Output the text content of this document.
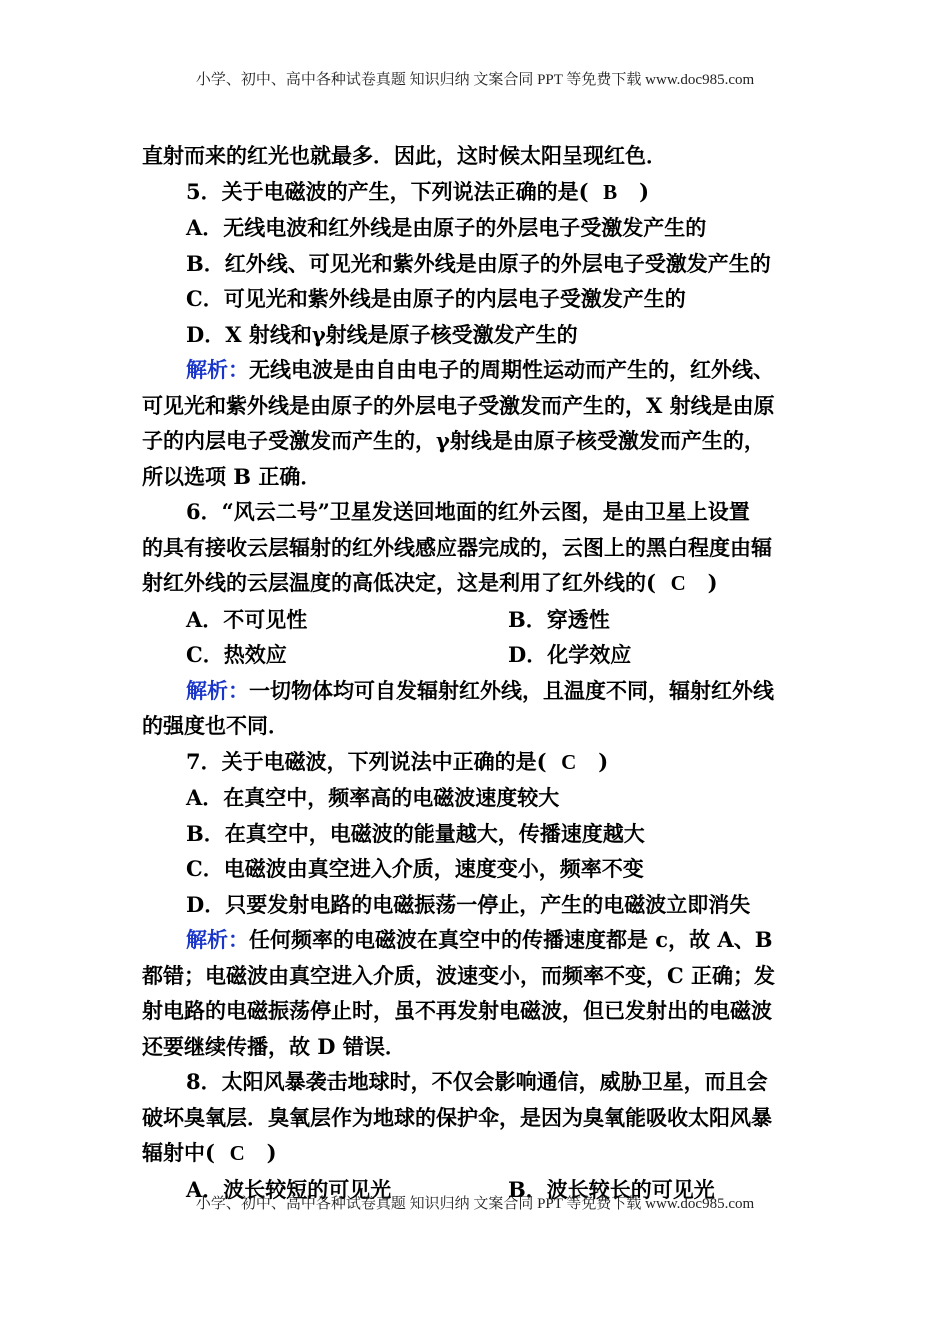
小学、初中、高中各种试卷真题 知识归纳 文案合同 PPT 等免费下载 www.doc985.com
直射而来的红光也就最多．因此，这时候太阳呈现红色．
5．关于电磁波的产生，下列说法正确的是( B )
A．无线电波和红外线是由原子的外层电子受激发产生的
B．红外线、可见光和紫外线是由原子的外层电子受激发产生的
C．可见光和紫外线是由原子的内层电子受激发产生的
D．X 射线和γ射线是原子核受激发产生的
解析：无线电波是由自由电子的周期性运动而产生的，红外线、
可见光和紫外线是由原子的外层电子受激发而产生的，X 射线是由原
子的内层电子受激发而产生的，γ射线是由原子核受激发而产生的，
所以选项 B 正确．
6．“风云二号”卫星发送回地面的红外云图，是由卫星上设置
的具有接收云层辐射的红外线感应器完成的，云图上的黑白程度由辐
射红外线的云层温度的高低决定，这是利用了红外线的( C )
A．不可见性	B．穿透性
C．热效应	D．化学效应
解析：一切物体均可自发辐射红外线，且温度不同，辐射红外线
的强度也不同．
7．关于电磁波，下列说法中正确的是( C )
A．在真空中，频率高的电磁波速度较大
B．在真空中，电磁波的能量越大，传播速度越大
C．电磁波由真空进入介质，速度变小，频率不变
D．只要发射电路的电磁振荡一停止，产生的电磁波立即消失
解析：任何频率的电磁波在真空中的传播速度都是 c，故 A、B
都错；电磁波由真空进入介质，波速变小，而频率不变，C 正确；发
射电路的电磁振荡停止时，虽不再发射电磁波，但已发射出的电磁波
还要继续传播，故 D 错误．
8．太阳风暴袭击地球时，不仅会影响通信，威胁卫星，而且会
破坏臭氧层．臭氧层作为地球的保护伞，是因为臭氧能吸收太阳风暴
辐射中( C )
A．波长较短的可见光	B．波长较长的可见光
小学、初中、高中各种试卷真题 知识归纳 文案合同 PPT 等免费下载 www.doc985.com
